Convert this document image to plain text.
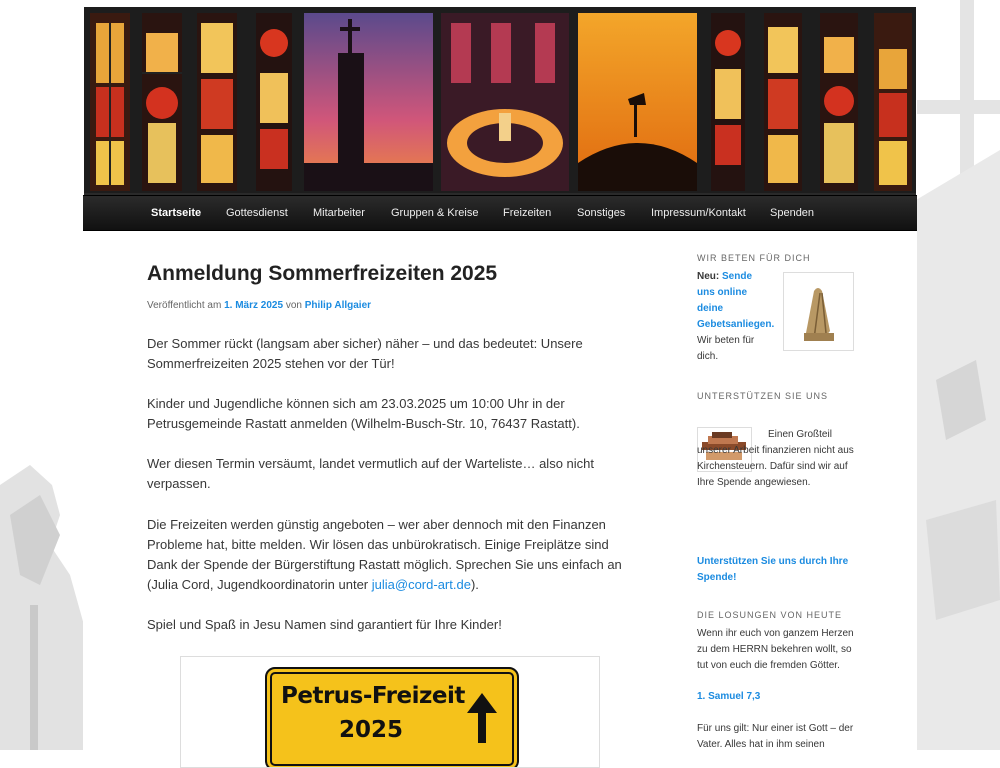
Startseite Gottesdienst Mitarbeiter Gruppen & Kreise Freizeiten Sonstiges Impressum/Kontakt Spenden
Anmeldung Sommerfreizeiten 2025
Veröffentlicht am 1. März 2025 von Philip Allgaier

Der Sommer rückt (langsam aber sicher) näher – und das bedeutet: Unsere Sommerfreizeiten 2025 stehen vor der Tür!

Kinder und Jugendliche können sich am 23.03.2025 um 10:00 Uhr in der Petrusgemeinde Rastatt anmelden (Wilhelm-Busch-Str. 10, 76437 Rastatt).

Wer diesen Termin versäumt, landet vermutlich auf der Warteliste… also nicht verpassen.

Die Freizeiten werden günstig angeboten – wer aber dennoch mit den Finanzen Probleme hat, bitte melden. Wir lösen das unbürokratisch. Einige Freiplätze sind Dank der Spende der Bürgerstiftung Rastatt möglich. Sprechen Sie uns einfach an (Julia Cord, Jugendkoordinatorin unter julia@cord-art.de).

Spiel und Spaß in Jesu Namen sind garantiert für Ihre Kinder!

Petrus-Freizeit
2025
WIR BETEN FÜR DICH
Neu: Sende uns online deine Gebetsanliegen. Wir beten für dich.
UNTERSTÜTZEN SIE UNS
Einen Großteil unserer Arbeit finanzieren nicht aus Kirchensteuern. Dafür sind wir auf Ihre Spende angewiesen.
Unterstützen Sie uns durch Ihre Spende!
DIE LOSUNGEN VON HEUTE
Wenn ihr euch von ganzem Herzen zu dem HERRN bekehren wollt, so tut von euch die fremden Götter.
1. Samuel 7,3
Für uns gilt: Nur einer ist Gott – der Vater. Alles hat in ihm seinen
